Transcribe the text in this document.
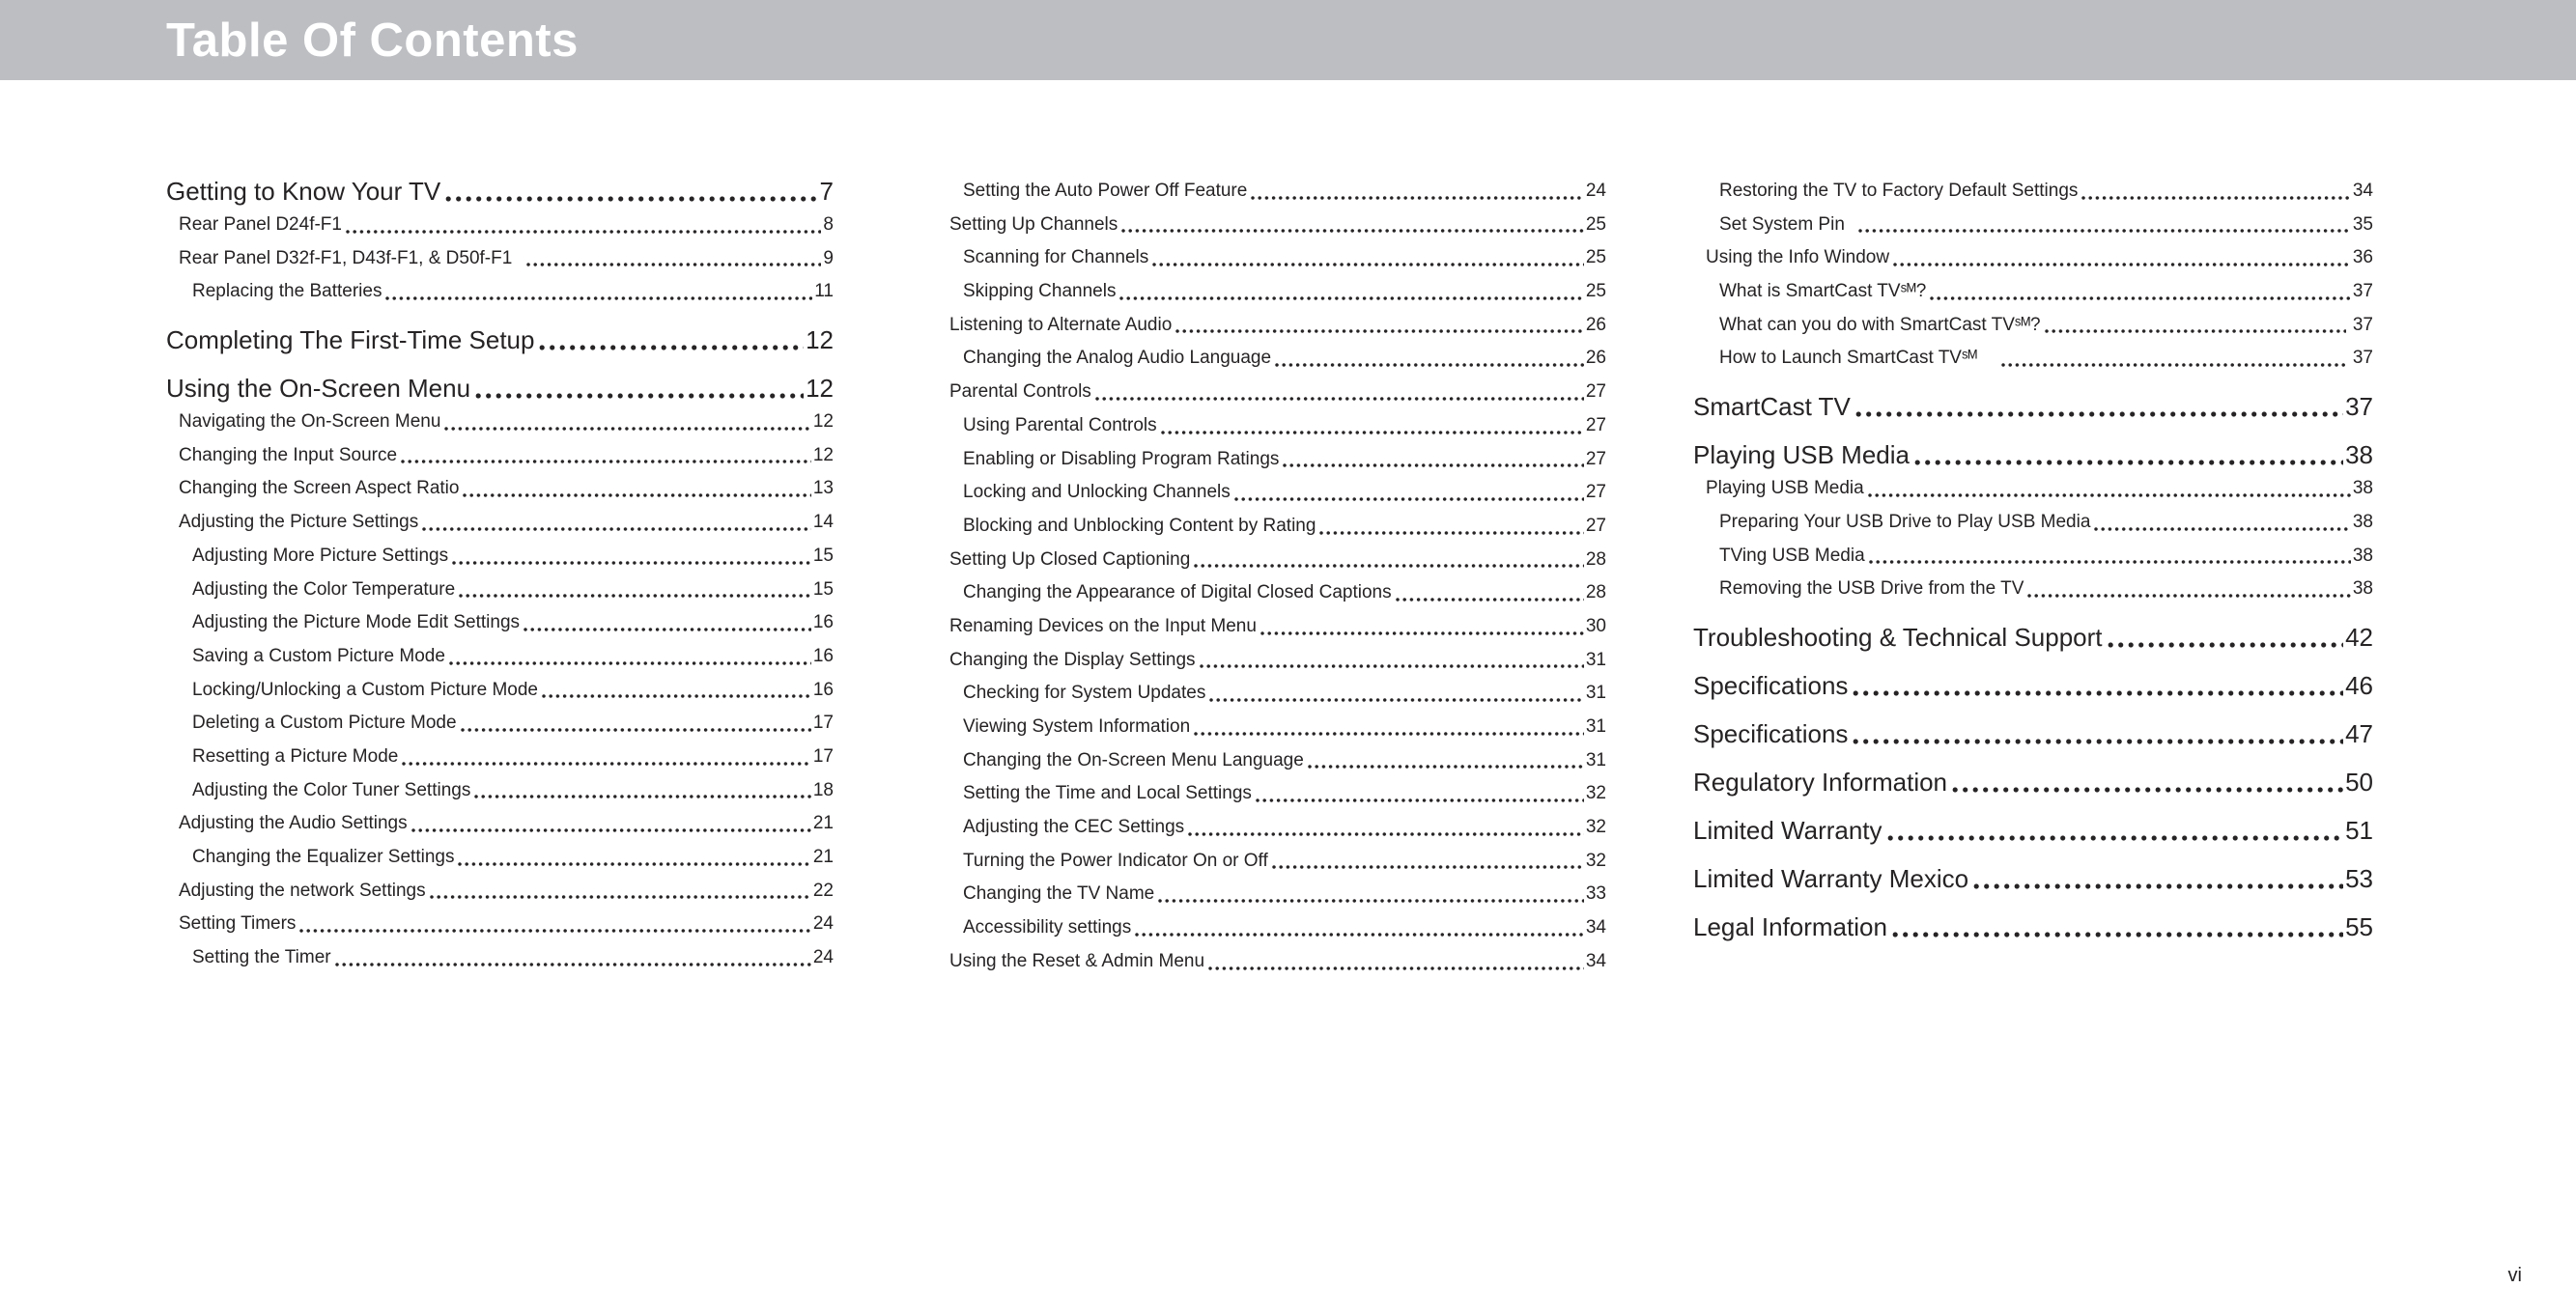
Table Of Contents
Getting to Know Your TV	7
Rear Panel D24f-F1	8
Rear Panel D32f-F1, D43f-F1, & D50f-F1	9
Replacing the Batteries	11
Completing The First-Time Setup	12
Using the On-Screen Menu	12
Navigating the On-Screen Menu	12
Changing the Input Source	12
Changing the Screen Aspect Ratio	13
Adjusting the Picture Settings	14
Adjusting More Picture Settings	15
Adjusting the Color Temperature	15
Adjusting the Picture Mode Edit Settings	16
Saving a Custom Picture Mode	16
Locking/Unlocking a Custom Picture Mode	16
Deleting a Custom Picture Mode	17
Resetting a Picture Mode	17
Adjusting the Color Tuner Settings	18
Adjusting the Audio Settings	21
Changing the Equalizer Settings	21
Adjusting the network Settings	22
Setting Timers	24
Setting the Timer	24
Setting the Auto Power Off Feature	24
Setting Up Channels	25
Scanning for Channels	25
Skipping Channels	25
Listening to Alternate Audio	26
Changing the Analog Audio Language	26
Parental Controls	27
Using Parental Controls	27
Enabling or Disabling Program Ratings	27
Locking and Unlocking Channels	27
Blocking and Unblocking Content by Rating	27
Setting Up Closed Captioning	28
Changing the Appearance of Digital Closed Captions	28
Renaming Devices on the Input Menu	30
Changing the Display Settings	31
Checking for System Updates	31
Viewing System Information	31
Changing the On-Screen Menu Language	31
Setting the Time and Local Settings	32
Adjusting the CEC Settings	32
Turning the Power Indicator On or Off	32
Changing the TV Name	33
Accessibility settings	34
Using the Reset & Admin Menu	34
Restoring the TV to Factory Default Settings	34
Set System Pin	35
Using the Info Window	36
What is SmartCast TVˢᴹ?	37
What can you do with SmartCast TVˢᴹ?	37
How to Launch SmartCast TVˢᴹ	37
SmartCast TV	37
Playing USB Media	38
Playing USB Media	38
Preparing Your USB Drive to Play USB Media	38
TVing USB Media	38
Removing the USB Drive from the TV	38
Troubleshooting & Technical Support	42
Specifications	46
Specifications	47
Regulatory Information	50
Limited Warranty	51
Limited Warranty Mexico	53
Legal Information	55
vi
